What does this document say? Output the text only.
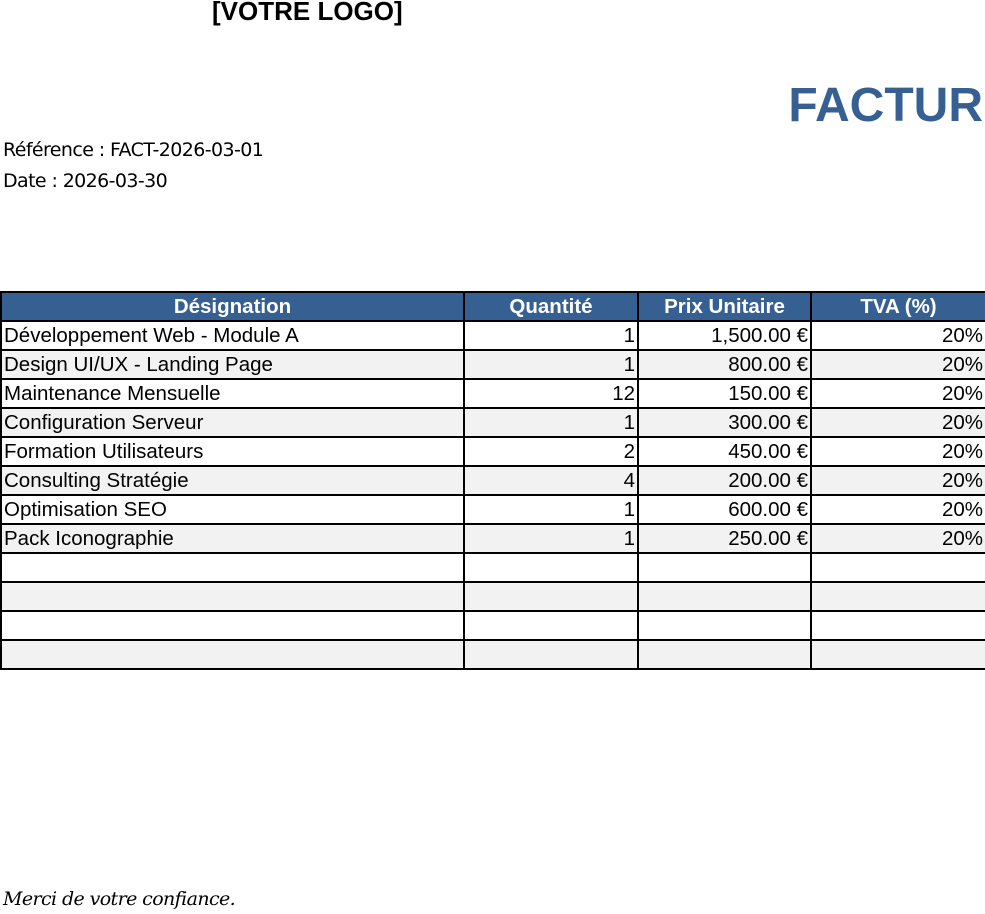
[VOTRE LOGO]
FACTUR
Référence : FACT-2026-03-01
Date : 2026-03-30
Désignation	Quantité	Prix Unitaire	TVA (%)
Développement Web - Module A	1	1,500.00 €	20%
Design UI/UX - Landing Page	1	800.00 €	20%
Maintenance Mensuelle	12	150.00 €	20%
Configuration Serveur	1	300.00 €	20%
Formation Utilisateurs	2	450.00 €	20%
Consulting Stratégie	4	200.00 €	20%
Optimisation SEO	1	600.00 €	20%
Pack Iconographie	1	250.00 €	20%

Merci de votre confiance.
